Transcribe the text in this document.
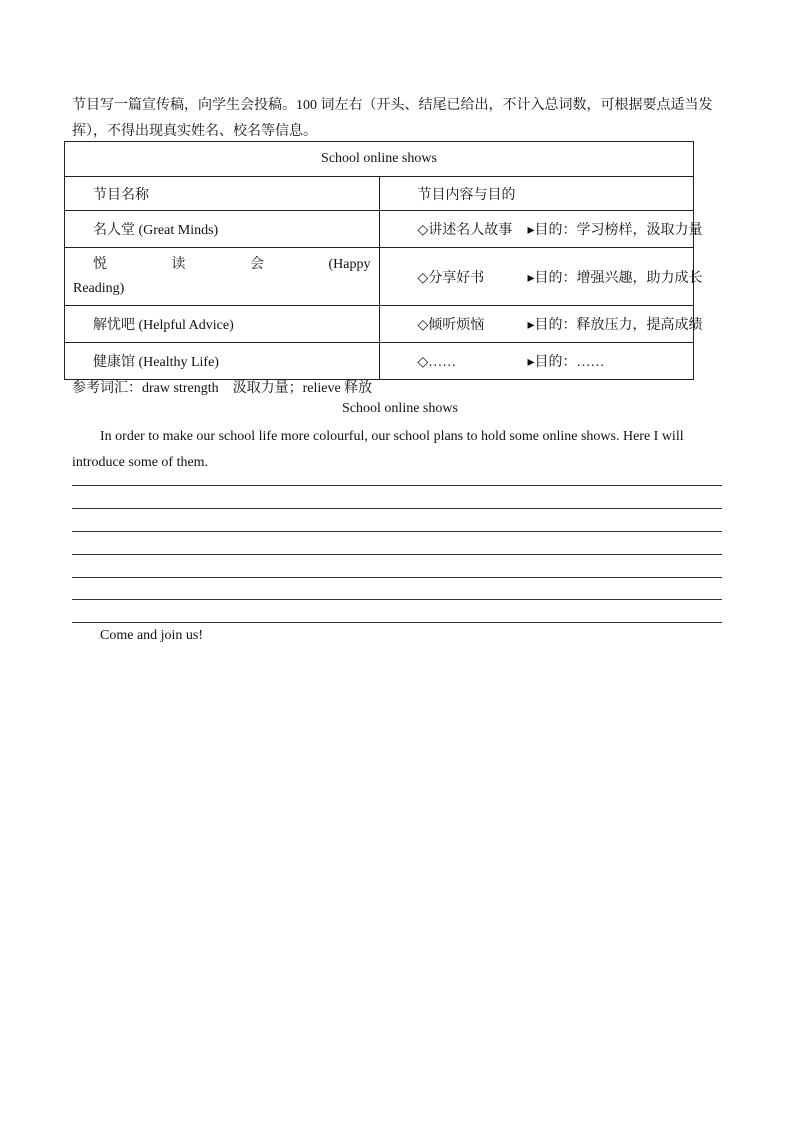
节目写一篇宣传稿，向学生会投稿。100 词左右（开头、结尾已给出，不计入总词数，可根据要点适当发
挥），不得出现真实姓名、校名等信息。
School online shows	
节目名称	节目内容与目的
名人堂 (Great Minds)	◇讲述名人故事 ▸目的：学习榜样，汲取力量

悦 读 会 (Happy
Reading)	◇分享好书 ▸目的：增强兴趣，助力成长
解忧吧 (Helpful Advice)	◇倾听烦恼 ▸目的：释放压力，提高成绩
健康馆 (Healthy Life)	◇…… ▸目的：……
参考词汇：draw strength 汲取力量；relieve 释放
School online shows
In order to make our school life more colourful, our school plans to hold some online shows. Here I will introduce some of them.
Come and join us!
